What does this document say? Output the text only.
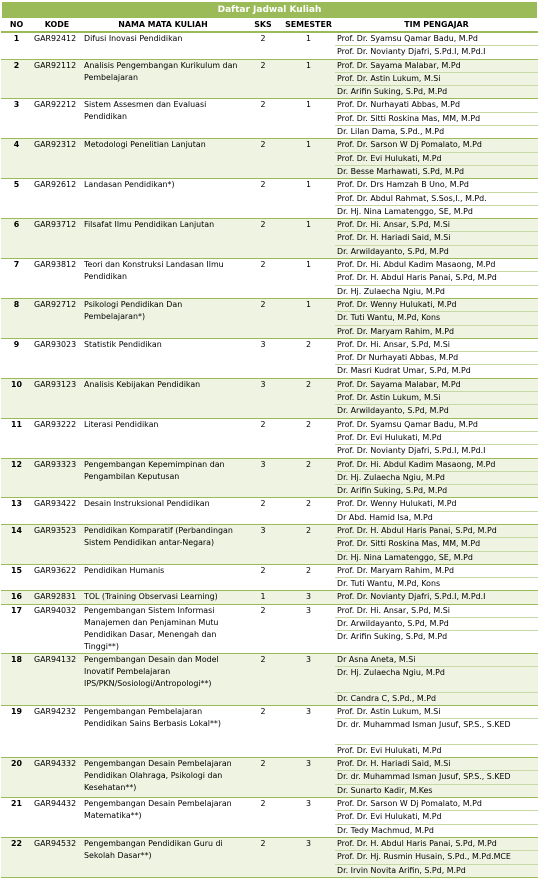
Daftar Jadwal Kuliah
NO	KODE	NAMA MATA KULIAH	SKS	SEMESTER	TIM PENGAJAR
1	GAR92412	Difusi Inovasi Pendidikan	2	1	Prof. Dr. Syamsu Qamar Badu, M.Pd
Prof. Dr. Novianty Djafri, S.Pd.I, M.Pd.I

2	GAR92112	Analisis Pengembangan Kurikulum dan Pembelajaran	2	1	Prof. Dr. Sayama Malabar, M.Pd
Prof. Dr. Astin Lukum, M.Si
Dr. Arifin Suking, S.Pd, M.Pd

3	GAR92212	Sistem Assesmen dan Evaluasi Pendidikan	2	1	Prof. Dr. Nurhayati Abbas, M.Pd
Prof. Dr. Sitti Roskina Mas, MM, M.Pd
Dr. Lilan Dama, S.Pd., M.Pd

4	GAR92312	Metodologi Penelitian Lanjutan	2	1	Prof. Dr. Sarson W Dj Pomalato, M.Pd
Prof. Dr. Evi Hulukati, M.Pd
Dr. Besse Marhawati, S.Pd, M.Pd

5	GAR92612	Landasan Pendidikan*)	2	1	Prof. Dr. Drs Hamzah B Uno, M.Pd
Prof. Dr. Abdul Rahmat, S.Sos,I., M.Pd.
Dr. Hj. Nina Lamatenggo, SE, M.Pd

6	GAR93712	Filsafat Ilmu Pendidikan Lanjutan	2	1	Prof. Dr. Hi. Ansar, S.Pd, M.Si
Prof. Dr. H. Hariadi Said, M.Si
Dr. Arwildayanto, S.Pd, M.Pd

7	GAR93812	Teori dan Konstruksi Landasan Ilmu Pendidikan	2	1	Prof. Dr. Hi. Abdul Kadim Masaong, M.Pd
Prof. Dr. H. Abdul Haris Panai, S.Pd, M.Pd
Dr. Hj. Zulaecha Ngiu, M.Pd

8	GAR92712	Psikologi Pendidikan Dan Pembelajaran*)	2	1	Prof. Dr. Wenny Hulukati, M.Pd
Dr. Tuti Wantu, M.Pd, Kons
Prof. Dr. Maryam Rahim, M.Pd

9	GAR93023	Statistik Pendidikan	3	2	Prof. Dr. Hi. Ansar, S.Pd, M.Si
Prof. Dr Nurhayati Abbas, M.Pd
Dr. Masri Kudrat Umar, S.Pd, M.Pd

10	GAR93123	Analisis Kebijakan Pendidikan	3	2	Prof. Dr. Sayama Malabar, M.Pd
Prof. Dr. Astin Lukum, M.Si
Dr. Arwildayanto, S.Pd, M.Pd

11	GAR93222	Literasi Pendidikan	2	2	Prof. Dr. Syamsu Qamar Badu, M.Pd
Prof. Dr. Evi Hulukati, M.Pd
Prof. Dr. Novianty Djafri, S.Pd.I, M.Pd.I

12	GAR93323	Pengembangan Kepemimpinan dan Pengambilan Keputusan	3	2	Prof. Dr. Hi. Abdul Kadim Masaong, M.Pd
Dr. Hj. Zulaecha Ngiu, M.Pd
Dr. Arifin Suking, S.Pd, M.Pd

13	GAR93422	Desain Instruksional Pendidikan	2	2	Prof. Dr. Wenny Hulukati, M.Pd
Dr Abd. Hamid Isa, M.Pd

14	GAR93523	Pendidikan Komparatif (Perbandingan Sistem Pendidikan antar-Negara)	3	2	Prof. Dr. H. Abdul Haris Panai, S.Pd, M.Pd
Prof. Dr. Sitti Roskina Mas, MM, M.Pd
Dr. Hj. Nina Lamatenggo, SE, M.Pd

15	GAR93622	Pendidikan Humanis	2	2	Prof. Dr. Maryam Rahim, M.Pd
Dr. Tuti Wantu, M.Pd, Kons

16	GAR92831	TOL (Training Observasi Learning)	1	3	Prof. Dr. Novianty Djafri, S.Pd.I, M.Pd.I

17	GAR94032	Pengembangan Sistem Informasi Manajemen dan Penjaminan Mutu Pendidikan Dasar, Menengah dan Tinggi**)	2	3	Prof. Dr. Hi. Ansar, S.Pd, M.Si
Dr. Arwildayanto, S.Pd, M.Pd
Dr. Arifin Suking, S.Pd, M.Pd

18	GAR94132	Pengembangan Desain dan Model Inovatif Pembelajaran IPS/PKN/Sosiologi/Antropologi**)	2	3	Dr Asna Aneta, M.Si
Dr. Hj. Zulaecha Ngiu, M.Pd
Dr. Candra C, S.Pd., M.Pd

19	GAR94232	Pengembangan Pembelajaran Pendidikan Sains Berbasis Lokal**)	2	3	Prof. Dr. Astin Lukum, M.Si
Dr. dr. Muhammad Isman Jusuf, SP.S., S.KED
Prof. Dr. Evi Hulukati, M.Pd

20	GAR94332	Pengembangan Desain Pembelajaran Pendidikan Olahraga, Psikologi dan Kesehatan**)	2	3	Prof. Dr. H. Hariadi Said, M.Si
Dr. dr. Muhammad Isman Jusuf, SP.S., S.KED
Dr. Sunarto Kadir, M.Kes

21	GAR94432	Pengembangan Desain Pembelajaran Matematika**)	2	3	Prof. Dr. Sarson W Dj Pomalato, M.Pd
Prof. Dr. Evi Hulukati, M.Pd
Dr. Tedy Machmud, M.Pd

22	GAR94532	Pengembangan Pendidikan Guru di Sekolah Dasar**)	2	3	Prof. Dr. H. Abdul Haris Panai, S.Pd, M.Pd
Prof. Dr. Hj. Rusmin Husain, S.Pd., M.Pd.MCE
Dr. Irvin Novita Arifin, S.Pd, M.Pd
